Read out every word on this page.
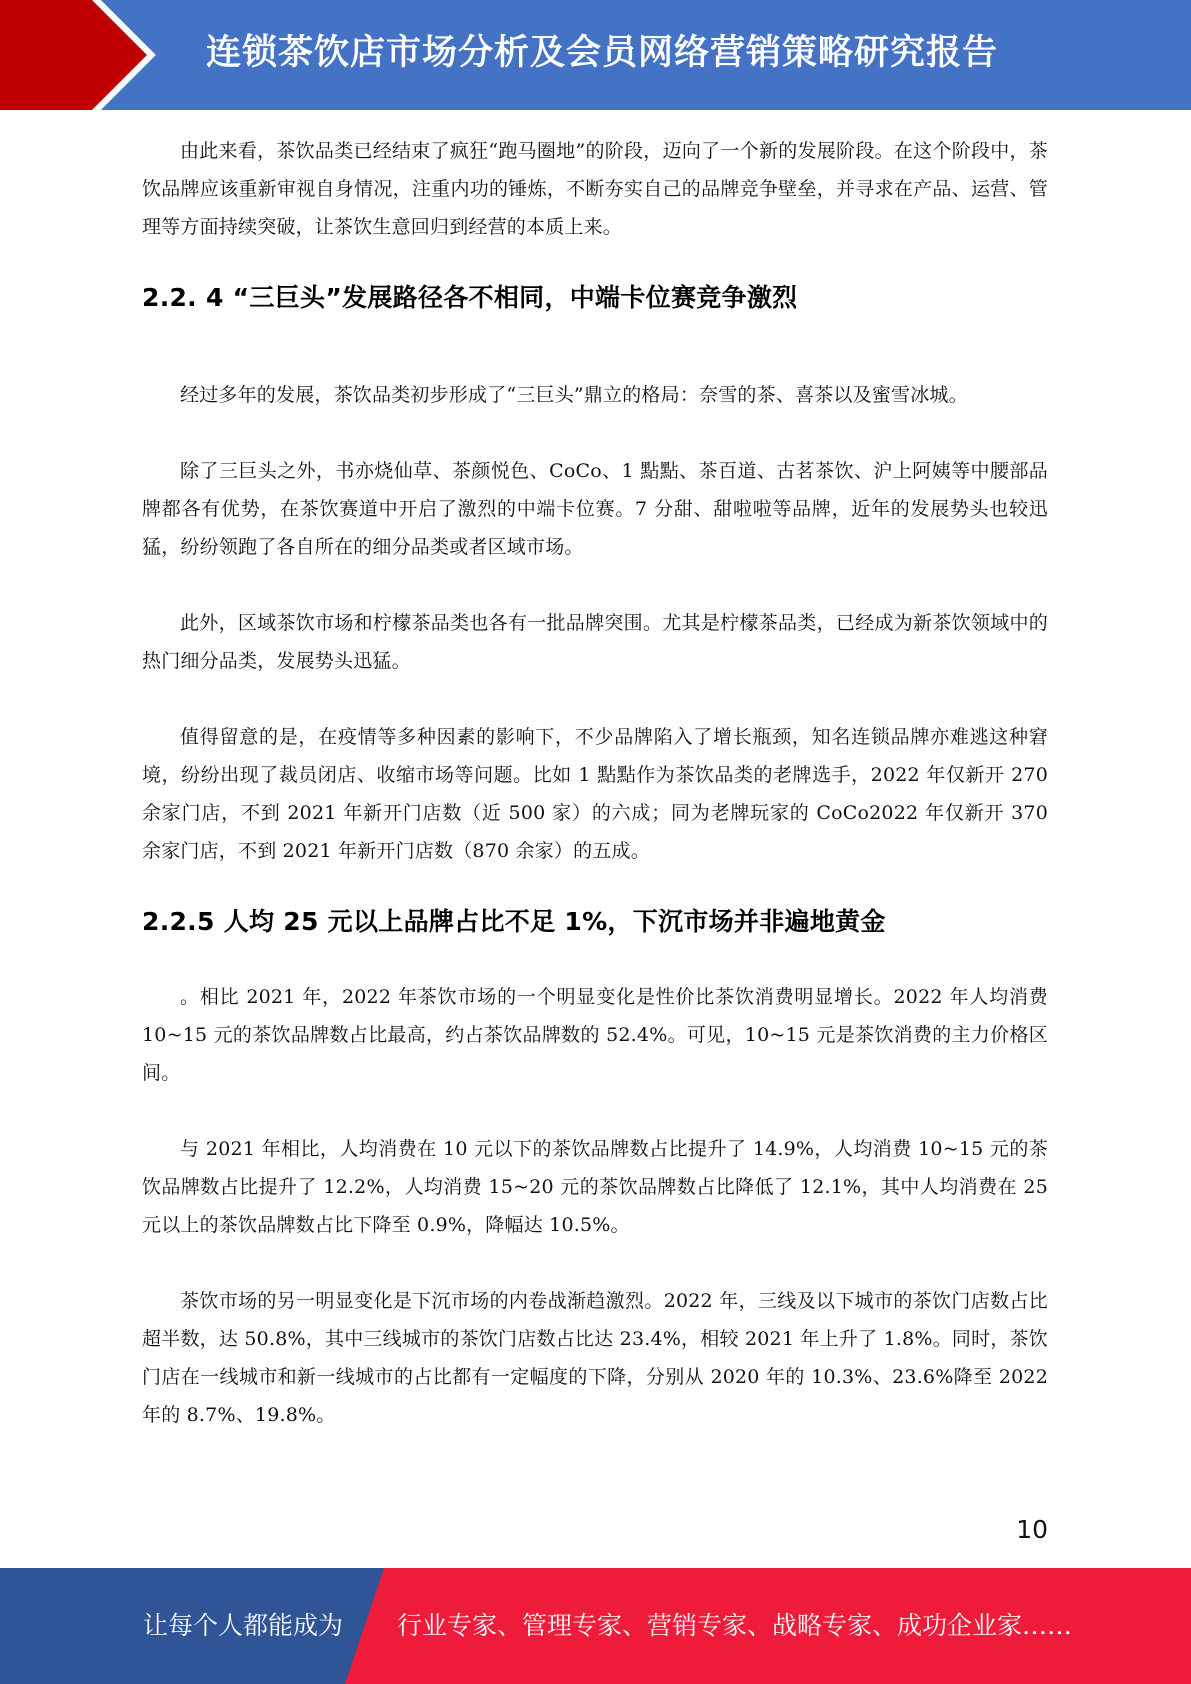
连锁茶饮店市场分析及会员网络营销策略研究报告

由此来看，茶饮品类已经结束了疯狂“跑马圈地”的阶段，迈向了一个新的发展阶段。在这个阶段中，茶饮品牌应该重新审视自身情况，注重内功的锤炼，不断夯实自己的品牌竞争壁垒，并寻求在产品、运营、管理等方面持续突破，让茶饮生意回归到经营的本质上来。

2.2. 4 “三巨头”发展路径各不相同，中端卡位赛竞争激烈

经过多年的发展，茶饮品类初步形成了“三巨头”鼎立的格局：奈雪的茶、喜茶以及蜜雪冰城。

除了三巨头之外，书亦烧仙草、茶颜悦色、CoCo、1 點點、茶百道、古茗茶饮、沪上阿姨等中腰部品牌都各有优势，在茶饮赛道中开启了激烈的中端卡位赛。7 分甜、甜啦啦等品牌，近年的发展势头也较迅猛，纷纷领跑了各自所在的细分品类或者区域市场。

此外，区域茶饮市场和柠檬茶品类也各有一批品牌突围。尤其是柠檬茶品类，已经成为新茶饮领域中的热门细分品类，发展势头迅猛。

值得留意的是，在疫情等多种因素的影响下，不少品牌陷入了增长瓶颈，知名连锁品牌亦难逃这种窘境，纷纷出现了裁员闭店、收缩市场等问题。比如 1 點點作为茶饮品类的老牌选手，2022 年仅新开 270 余家门店，不到 2021 年新开门店数（近 500 家）的六成；同为老牌玩家的 CoCo2022 年仅新开 370 余家门店，不到 2021 年新开门店数（870 余家）的五成。

2.2.5 人均 25 元以上品牌占比不足 1%，下沉市场并非遍地黄金

。相比 2021 年，2022 年茶饮市场的一个明显变化是性价比茶饮消费明显增长。2022 年人均消费 10~15 元的茶饮品牌数占比最高，约占茶饮品牌数的 52.4%。可见，10~15 元是茶饮消费的主力价格区间。

与 2021 年相比，人均消费在 10 元以下的茶饮品牌数占比提升了 14.9%，人均消费 10~15 元的茶饮品牌数占比提升了 12.2%，人均消费 15~20 元的茶饮品牌数占比降低了 12.1%，其中人均消费在 25 元以上的茶饮品牌数占比下降至 0.9%，降幅达 10.5%。

茶饮市场的另一明显变化是下沉市场的内卷战渐趋激烈。2022 年，三线及以下城市的茶饮门店数占比超半数，达 50.8%，其中三线城市的茶饮门店数占比达 23.4%，相较 2021 年上升了 1.8%。同时，茶饮门店在一线城市和新一线城市的占比都有一定幅度的下降，分别从 2020 年的 10.3%、23.6%降至 2022 年的 8.7%、19.8%。

10
让每个人都能成为 行业专家、管理专家、营销专家、战略专家、成功企业家……
